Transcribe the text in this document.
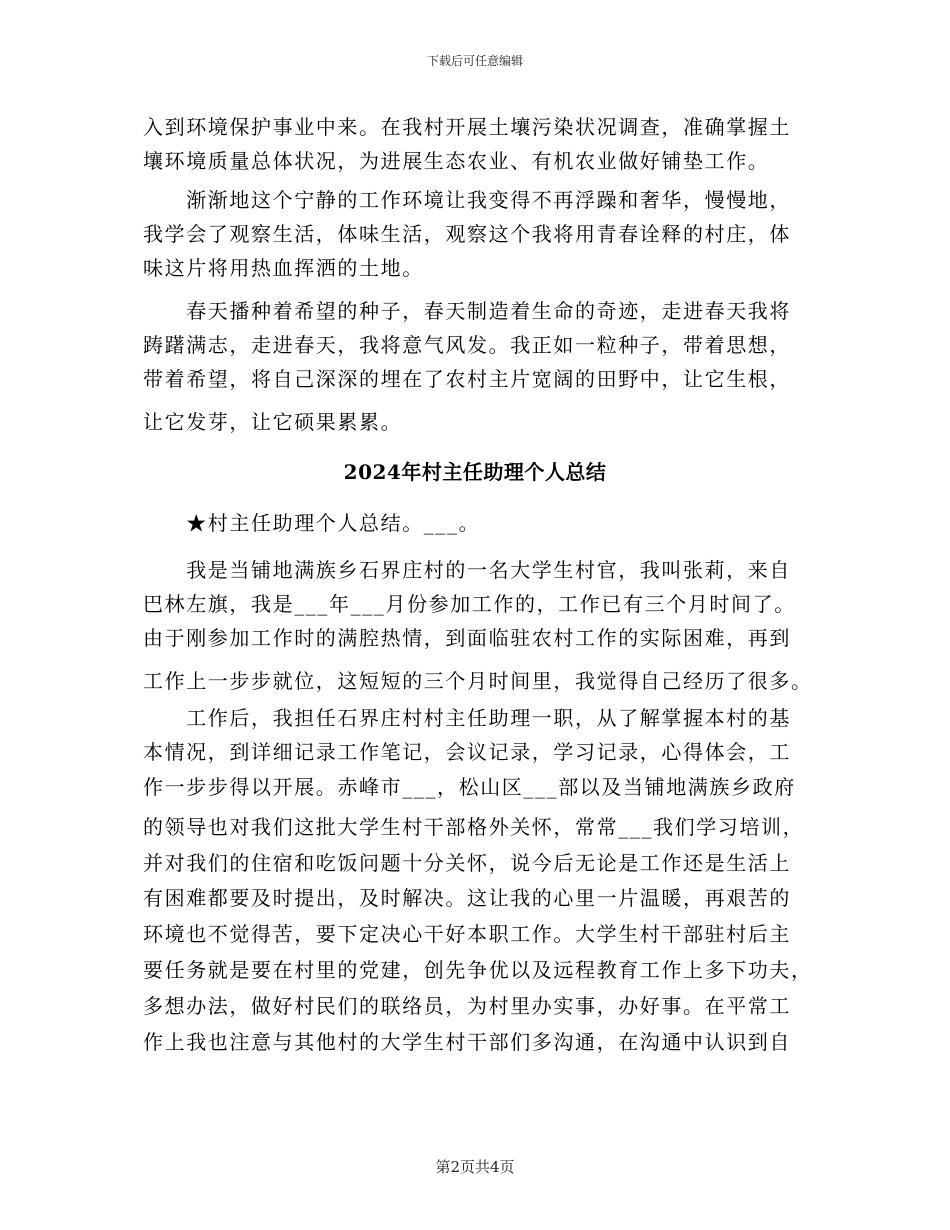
下载后可任意编辑
入到环境保护事业中来。在我村开展土壤污染状况调查，准确掌握土
壤环境质量总体状况，为进展生态农业、有机农业做好铺垫工作。
　　渐渐地这个宁静的工作环境让我变得不再浮躁和奢华，慢慢地，
我学会了观察生活，体味生活，观察这个我将用青春诠释的村庄，体
味这片将用热血挥洒的土地。
　　春天播种着希望的种子，春天制造着生命的奇迹，走进春天我将
踌躇满志，走进春天，我将意气风发。我正如一粒种子，带着思想，
带着希望，将自己深深的埋在了农村主片宽阔的田野中，让它生根，
让它发芽，让它硕果累累。
2024年村主任助理个人总结
　　★村主任助理个人总结。___。
　　我是当铺地满族乡石界庄村的一名大学生村官，我叫张莉，来自
巴林左旗，我是___年___月份参加工作的，工作已有三个月时间了。
由于刚参加工作时的满腔热情，到面临驻农村工作的实际困难，再到
工作上一步步就位，这短短的三个月时间里，我觉得自己经历了很多。
　　工作后，我担任石界庄村村主任助理一职，从了解掌握本村的基
本情况，到详细记录工作笔记，会议记录，学习记录，心得体会，工
作一步步得以开展。赤峰市___，松山区___部以及当铺地满族乡政府
的领导也对我们这批大学生村干部格外关怀，常常___我们学习培训，
并对我们的住宿和吃饭问题十分关怀，说今后无论是工作还是生活上
有困难都要及时提出，及时解决。这让我的心里一片温暖，再艰苦的
环境也不觉得苦，要下定决心干好本职工作。大学生村干部驻村后主
要任务就是要在村里的党建，创先争优以及远程教育工作上多下功夫，
多想办法，做好村民们的联络员，为村里办实事，办好事。在平常工
作上我也注意与其他村的大学生村干部们多沟通，在沟通中认识到自
第2页共4页
